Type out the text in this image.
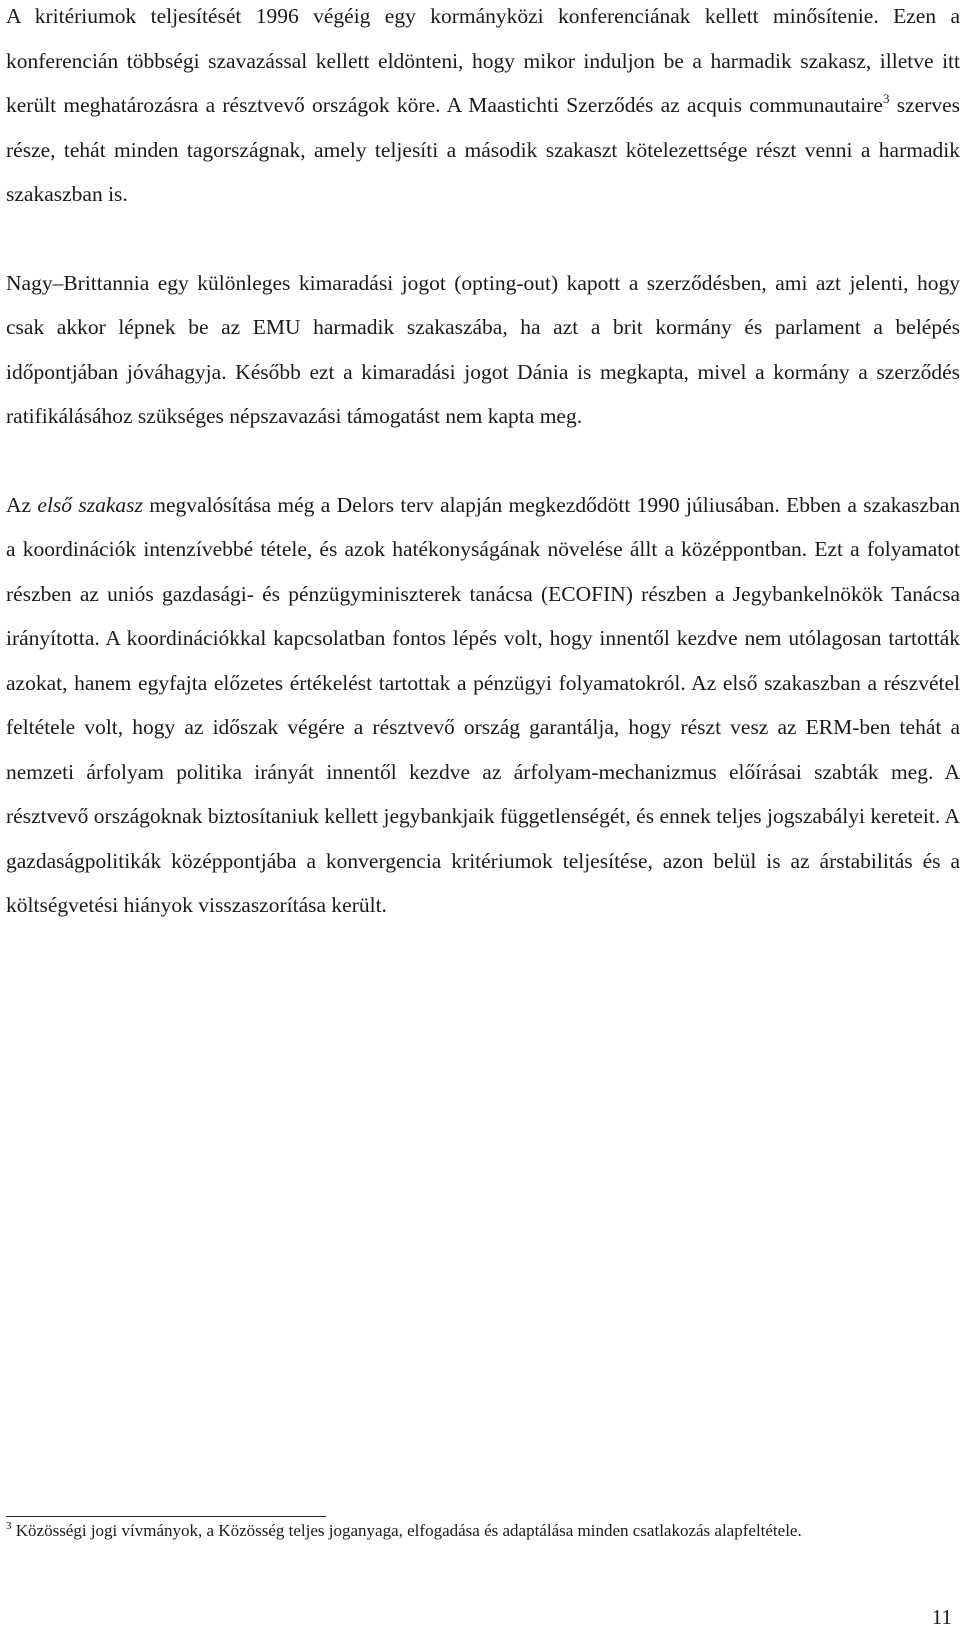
A kritériumok teljesítését 1996 végéig egy kormányközi konferenciának kellett minősítenie. Ezen a konferencián többségi szavazással kellett eldönteni, hogy mikor induljon be a harmadik szakasz, illetve itt került meghatározásra a résztvevő országok köre. A Maastichti Szerződés az acquis communautaire$^3$ szerves része, tehát minden tagországnak, amely teljesíti a második szakaszt kötelezettsége részt venni a harmadik szakaszban is.

Nagy–Brittannia egy különleges kimaradási jogot (opting-out) kapott a szerződésben, ami azt jelenti, hogy csak akkor lépnek be az EMU harmadik szakaszába, ha azt a brit kormány és parlament a belépés időpontjában jóváhagyja. Később ezt a kimaradási jogot Dánia is megkapta, mivel a kormány a szerződés ratifikálásához szükséges népszavazási támogatást nem kapta meg.

Az első szakasz megvalósítása még a Delors terv alapján megkezdődött 1990 júliusában. Ebben a szakaszban a koordinációk intenzívebbé tétele, és azok hatékonyságának növelése állt a középpontban. Ezt a folyamatot részben az uniós gazdasági- és pénzügyminiszterek tanácsa (ECOFIN) részben a Jegybankelnökök Tanácsa irányította. A koordinációkkal kapcsolatban fontos lépés volt, hogy innentől kezdve nem utólagosan tartották azokat, hanem egyfajta előzetes értékelést tartottak a pénzügyi folyamatokról. Az első szakaszban a részvétel feltétele volt, hogy az időszak végére a résztvevő ország garantálja, hogy részt vesz az ERM-ben tehát a nemzeti árfolyam politika irányát innentől kezdve az árfolyam-mechanizmus előírásai szabták meg. A résztvevő országoknak biztosítaniuk kellett jegybankjaik függetlenségét, és ennek teljes jogszabályi kereteit. A gazdaságpolitikák középpontjába a konvergencia kritériumok teljesítése, azon belül is az árstabilitás és a költségvetési hiányok visszaszorítása került.

$^3$ Közösségi jogi vívmányok, a Közösség teljes joganyaga, elfogadása és adaptálása minden csatlakozás alapfeltétele.

11
